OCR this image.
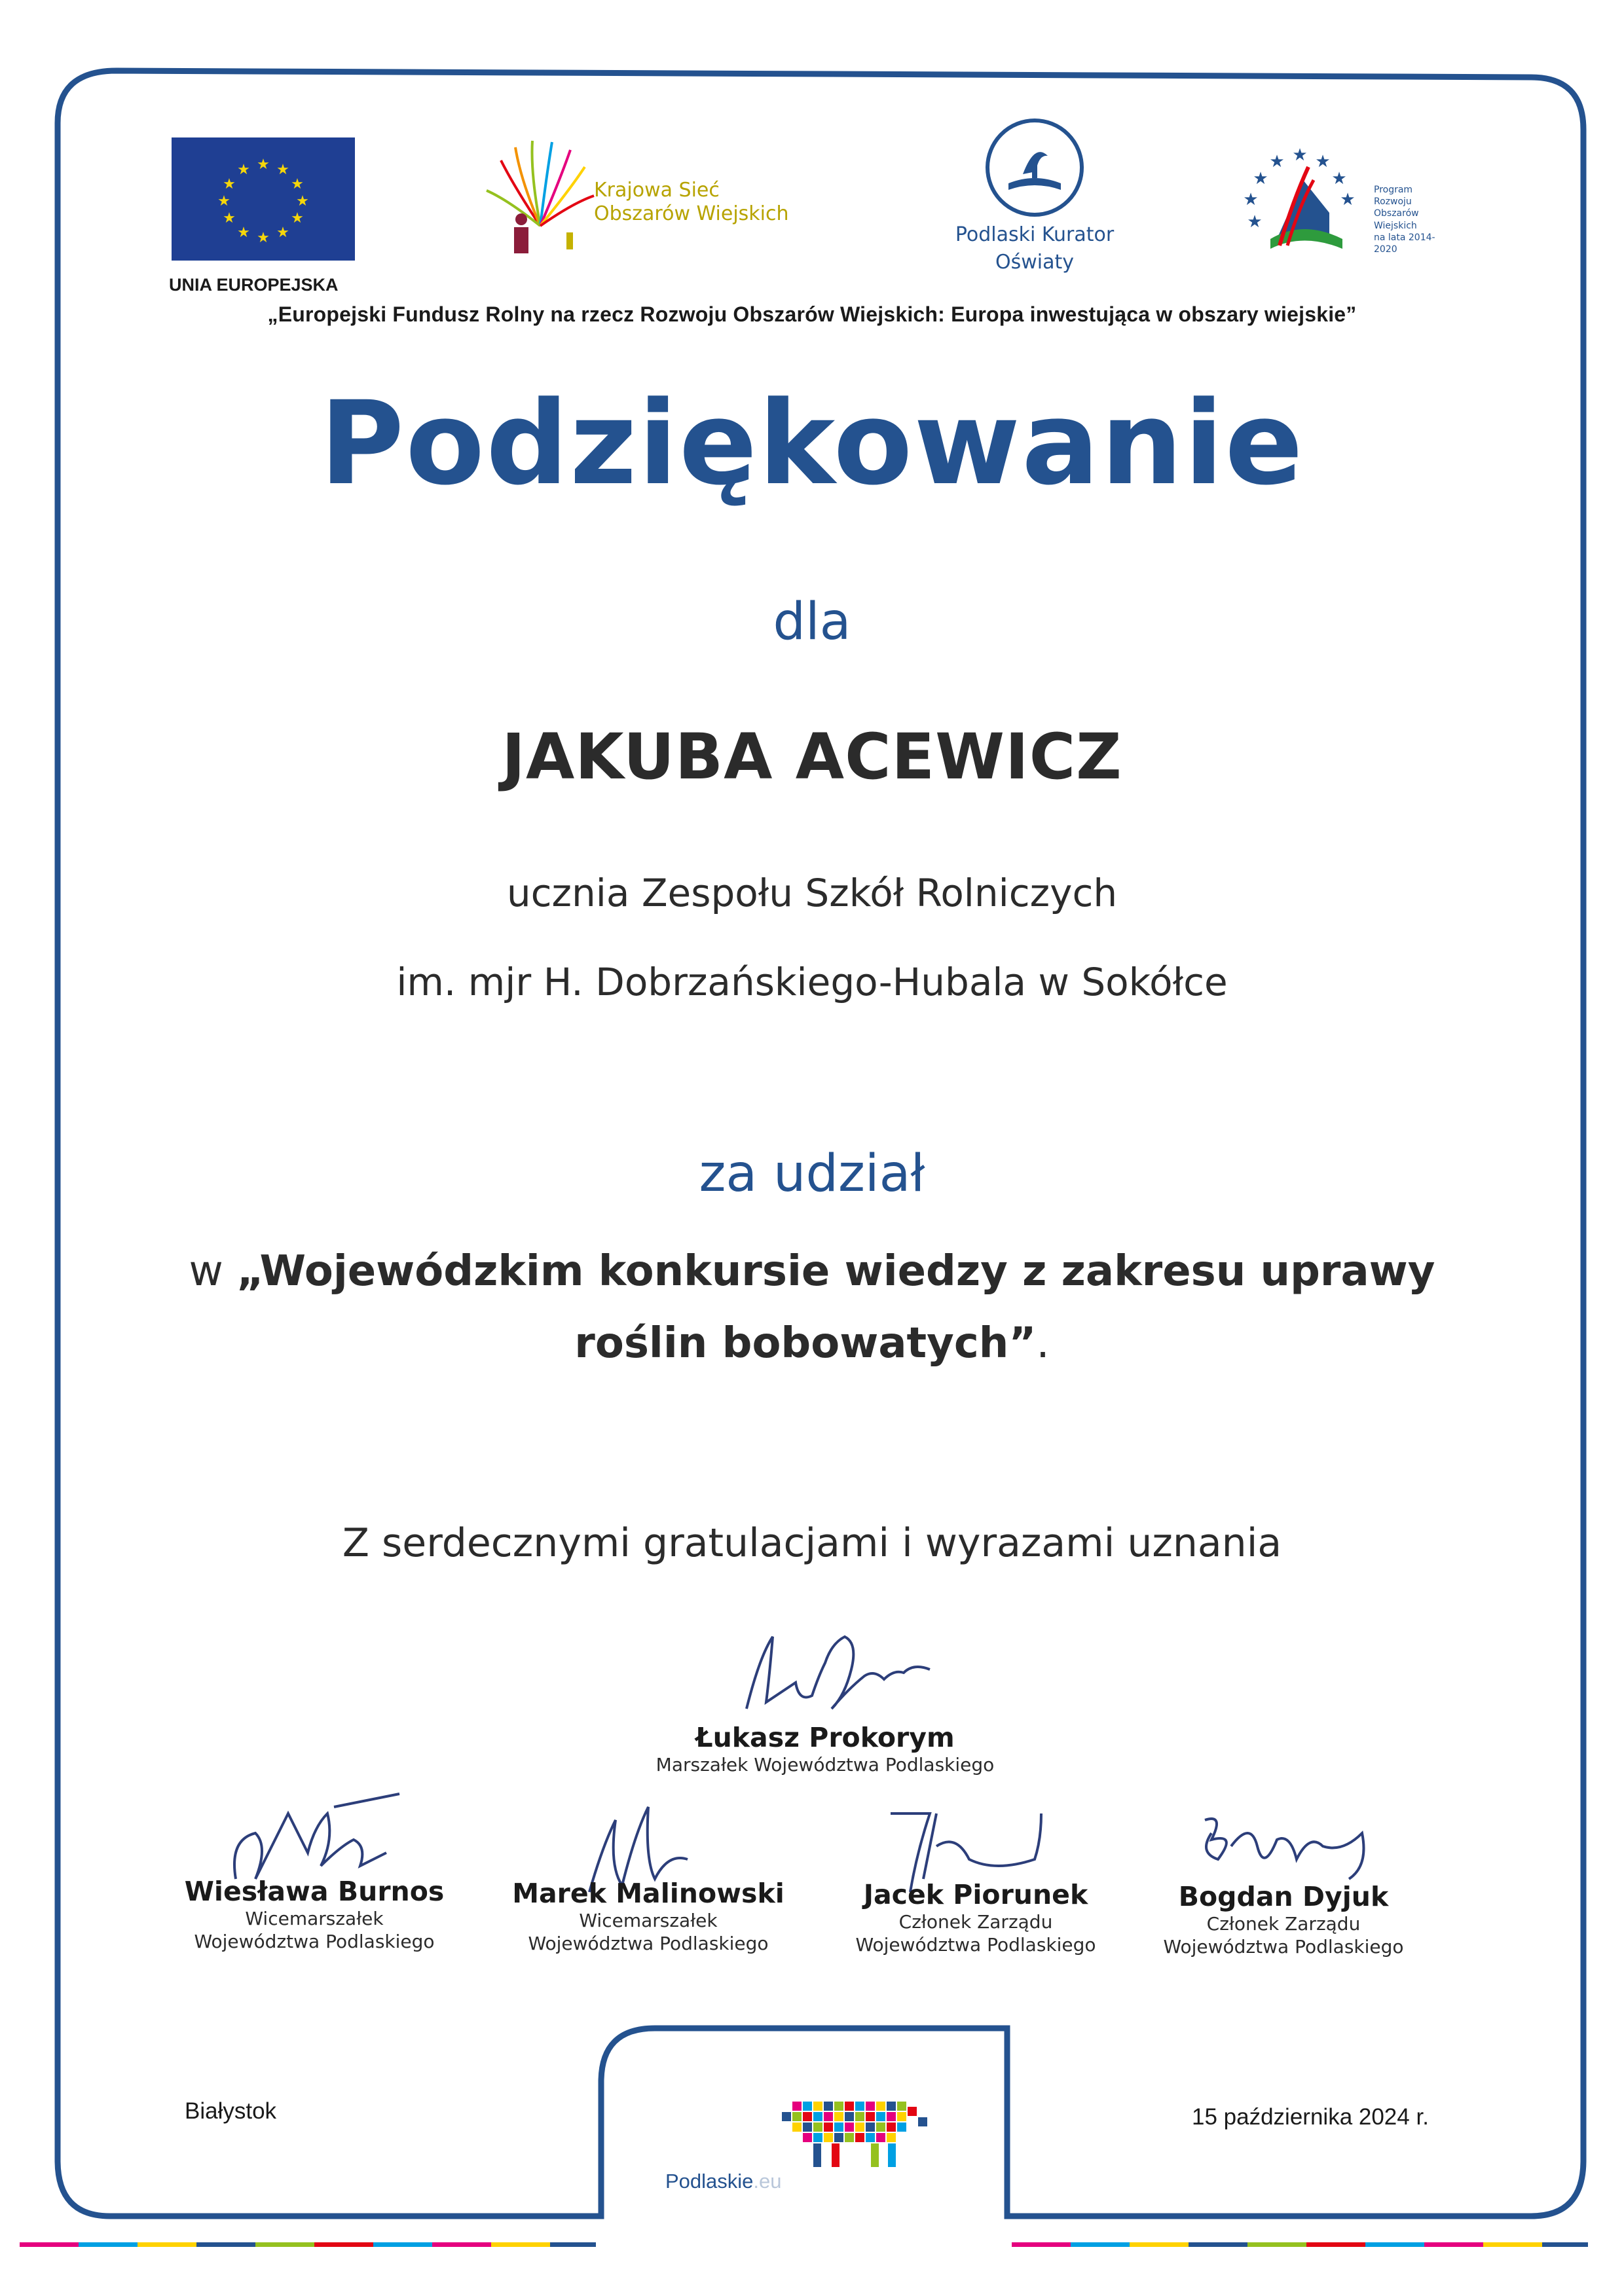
★ ★
★
★
★
★
★
★
★
★
★
★
UNIA EUROPEJSKA
Krajowa Sieć
Obszarów Wiejskich
Podlaski Kurator
Oświaty
★ ★
★
★
★
★
★
★ Program
Rozwoju
Obszarów
Wiejskich
na lata 2014-2020
„Europejski Fundusz Rolny na rzecz Rozwoju Obszarów Wiejskich: Europa inwestująca w obszary wiejskie”
Podziękowanie
dla
JAKUBA ACEWICZ
ucznia Zespołu Szkół Rolniczych
im. mjr H. Dobrzańskiego-Hubala w Sokółce
za udział
w „Wojewódzkim konkursie wiedzy z zakresu uprawy
roślin bobowatych”.
Z serdecznymi gratulacjami i wyrazami uznania
Łukasz Prokorym
Marszałek Województwa Podlaskiego
Wiesława Burnos
Wicemarszałek
Województwa Podlaskiego
Marek Malinowski
Wicemarszałek
Województwa Podlaskiego
Jacek Piorunek
Członek Zarządu
Województwa Podlaskiego
Bogdan Dyjuk
Członek Zarządu
Województwa Podlaskiego
Białystok	15 października 2024 r.
Podlaskie.eu
